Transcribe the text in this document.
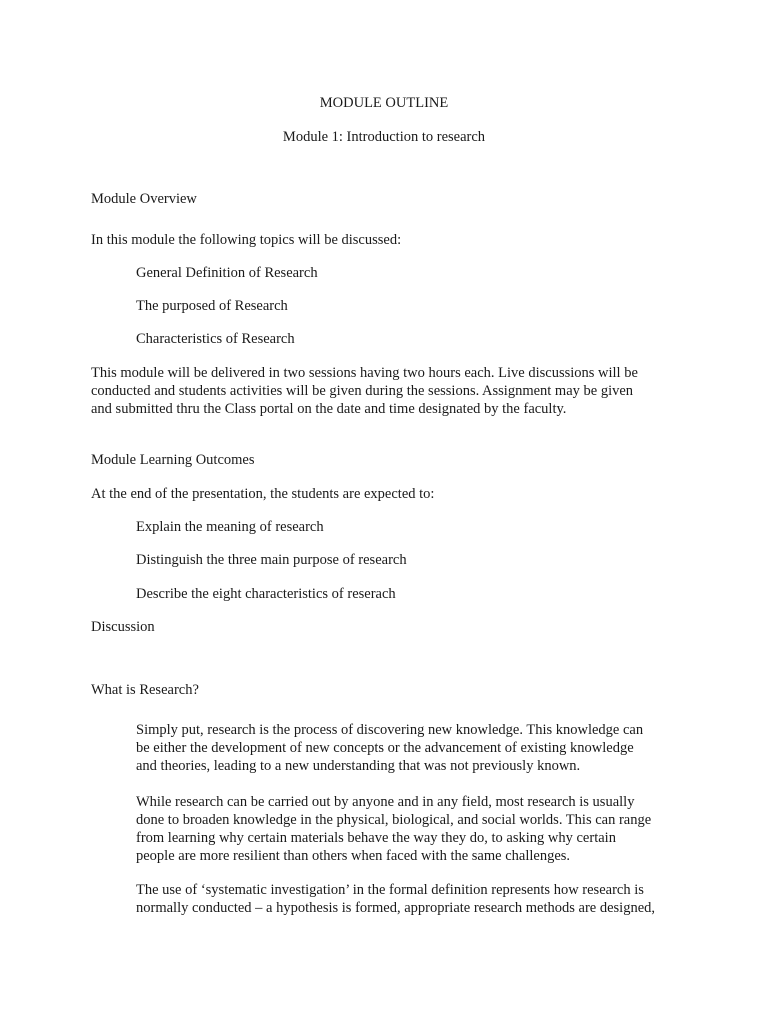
MODULE OUTLINE
Module 1: Introduction to research
Module Overview
In this module the following topics will be discussed:
General Definition of Research
The purposed of Research
Characteristics of Research
This module will be delivered in two sessions having two hours each. Live discussions will be
conducted and students activities will be given during the sessions. Assignment may be given
and submitted thru the Class portal on the date and time designated by the faculty.
Module Learning Outcomes
At the end of the presentation, the students are expected to:
Explain the meaning of research
Distinguish the three main purpose of research
Describe the eight characteristics of reserach
Discussion
What is Research?
Simply put, research is the process of discovering new knowledge. This knowledge can
be either the development of new concepts or the advancement of existing knowledge
and theories, leading to a new understanding that was not previously known.
While research can be carried out by anyone and in any field, most research is usually
done to broaden knowledge in the physical, biological, and social worlds. This can range
from learning why certain materials behave the way they do, to asking why certain
people are more resilient than others when faced with the same challenges.
The use of ‘systematic investigation’ in the formal definition represents how research is
normally conducted – a hypothesis is formed, appropriate research methods are designed,
